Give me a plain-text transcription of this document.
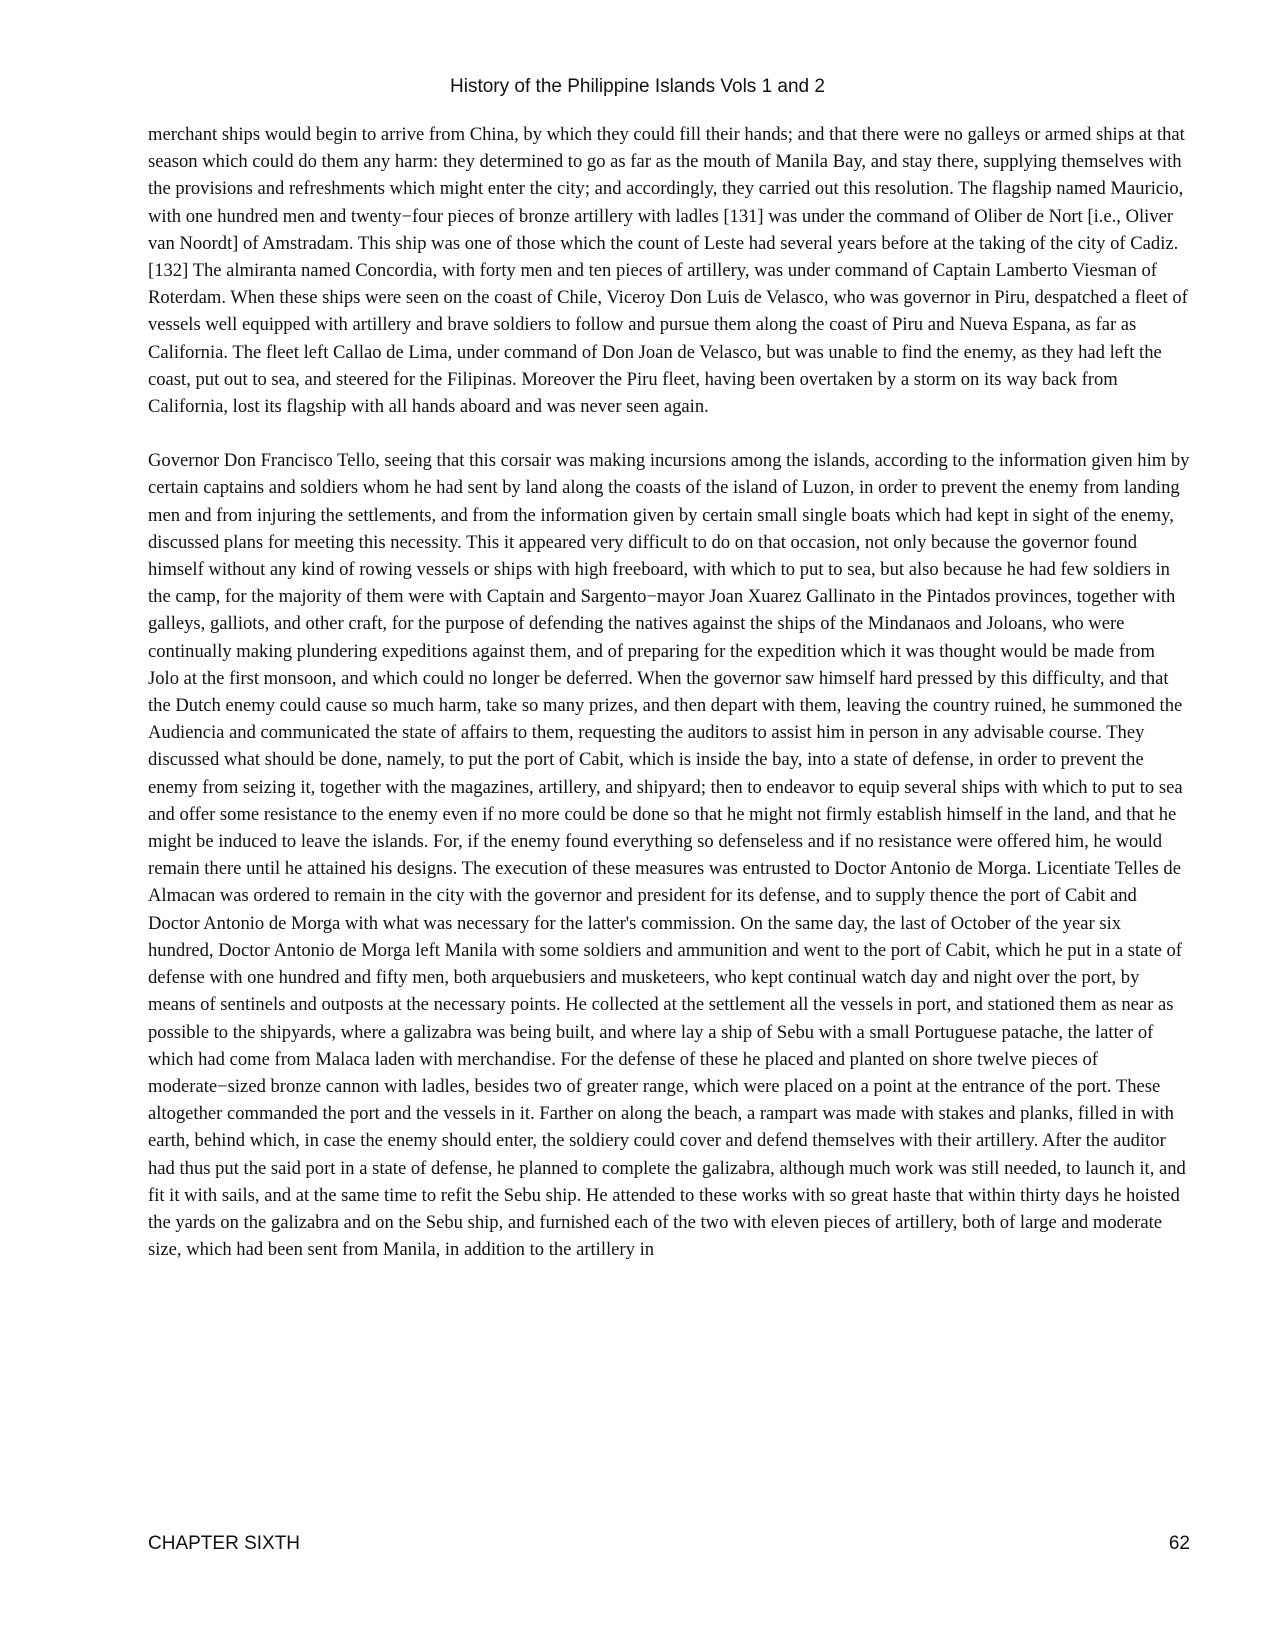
History of the Philippine Islands Vols 1 and 2

merchant ships would begin to arrive from China, by which they could fill their hands; and that there were no galleys or armed ships at that season which could do them any harm: they determined to go as far as the mouth of Manila Bay, and stay there, supplying themselves with the provisions and refreshments which might enter the city; and accordingly, they carried out this resolution. The flagship named Mauricio, with one hundred men and twenty−four pieces of bronze artillery with ladles [131] was under the command of Oliber de Nort [i.e., Oliver van Noordt] of Amstradam. This ship was one of those which the count of Leste had several years before at the taking of the city of Cadiz. [132] The almiranta named Concordia, with forty men and ten pieces of artillery, was under command of Captain Lamberto Viesman of Roterdam. When these ships were seen on the coast of Chile, Viceroy Don Luis de Velasco, who was governor in Piru, despatched a fleet of vessels well equipped with artillery and brave soldiers to follow and pursue them along the coast of Piru and Nueva Espana, as far as California. The fleet left Callao de Lima, under command of Don Joan de Velasco, but was unable to find the enemy, as they had left the coast, put out to sea, and steered for the Filipinas. Moreover the Piru fleet, having been overtaken by a storm on its way back from California, lost its flagship with all hands aboard and was never seen again.

Governor Don Francisco Tello, seeing that this corsair was making incursions among the islands, according to the information given him by certain captains and soldiers whom he had sent by land along the coasts of the island of Luzon, in order to prevent the enemy from landing men and from injuring the settlements, and from the information given by certain small single boats which had kept in sight of the enemy, discussed plans for meeting this necessity. This it appeared very difficult to do on that occasion, not only because the governor found himself without any kind of rowing vessels or ships with high freeboard, with which to put to sea, but also because he had few soldiers in the camp, for the majority of them were with Captain and Sargento−mayor Joan Xuarez Gallinato in the Pintados provinces, together with galleys, galliots, and other craft, for the purpose of defending the natives against the ships of the Mindanaos and Joloans, who were continually making plundering expeditions against them, and of preparing for the expedition which it was thought would be made from Jolo at the first monsoon, and which could no longer be deferred. When the governor saw himself hard pressed by this difficulty, and that the Dutch enemy could cause so much harm, take so many prizes, and then depart with them, leaving the country ruined, he summoned the Audiencia and communicated the state of affairs to them, requesting the auditors to assist him in person in any advisable course. They discussed what should be done, namely, to put the port of Cabit, which is inside the bay, into a state of defense, in order to prevent the enemy from seizing it, together with the magazines, artillery, and shipyard; then to endeavor to equip several ships with which to put to sea and offer some resistance to the enemy even if no more could be done so that he might not firmly establish himself in the land, and that he might be induced to leave the islands. For, if the enemy found everything so defenseless and if no resistance were offered him, he would remain there until he attained his designs. The execution of these measures was entrusted to Doctor Antonio de Morga. Licentiate Telles de Almacan was ordered to remain in the city with the governor and president for its defense, and to supply thence the port of Cabit and Doctor Antonio de Morga with what was necessary for the latter's commission. On the same day, the last of October of the year six hundred, Doctor Antonio de Morga left Manila with some soldiers and ammunition and went to the port of Cabit, which he put in a state of defense with one hundred and fifty men, both arquebusiers and musketeers, who kept continual watch day and night over the port, by means of sentinels and outposts at the necessary points. He collected at the settlement all the vessels in port, and stationed them as near as possible to the shipyards, where a galizabra was being built, and where lay a ship of Sebu with a small Portuguese patache, the latter of which had come from Malaca laden with merchandise. For the defense of these he placed and planted on shore twelve pieces of moderate−sized bronze cannon with ladles, besides two of greater range, which were placed on a point at the entrance of the port. These altogether commanded the port and the vessels in it. Farther on along the beach, a rampart was made with stakes and planks, filled in with earth, behind which, in case the enemy should enter, the soldiery could cover and defend themselves with their artillery. After the auditor had thus put the said port in a state of defense, he planned to complete the galizabra, although much work was still needed, to launch it, and fit it with sails, and at the same time to refit the Sebu ship. He attended to these works with so great haste that within thirty days he hoisted the yards on the galizabra and on the Sebu ship, and furnished each of the two with eleven pieces of artillery, both of large and moderate size, which had been sent from Manila, in addition to the artillery in

CHAPTER SIXTH	62
